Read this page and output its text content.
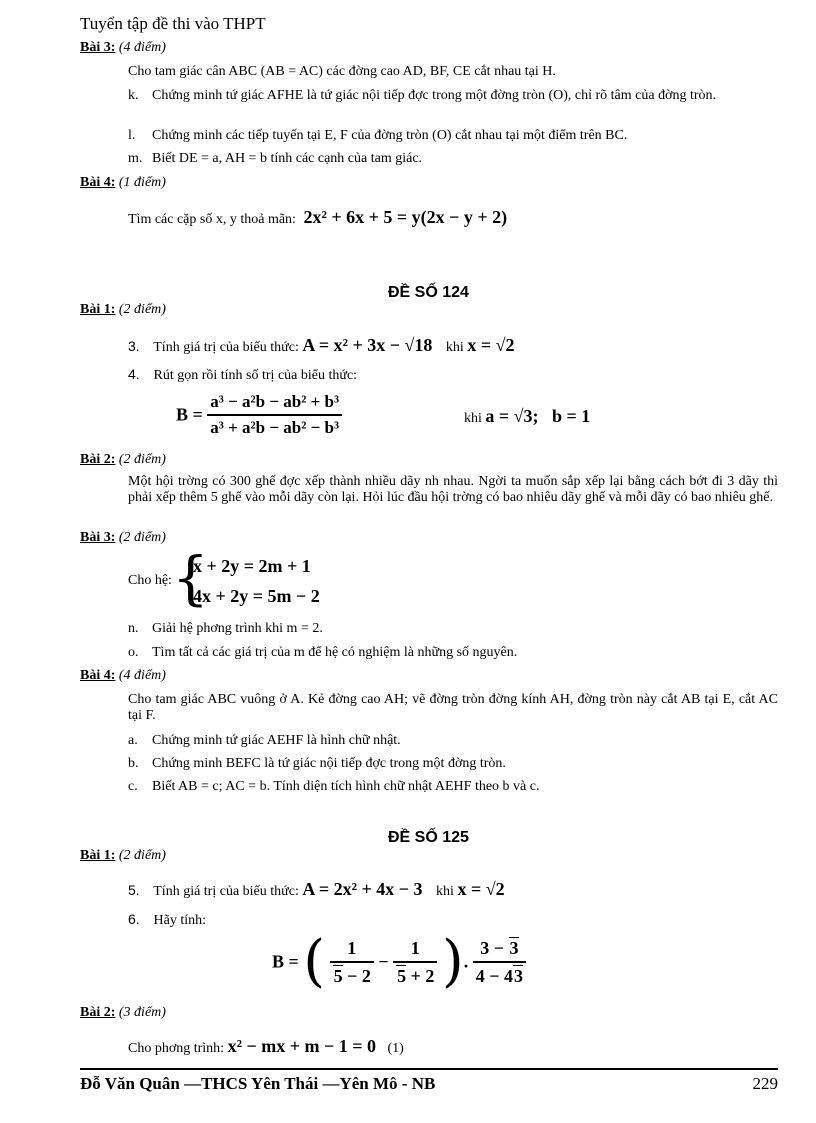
Tuyển tập đề thi vào THPT
Bài 3: (4 điểm)
Cho tam giác cân ABC (AB = AC) các đờng cao AD, BF, CE cắt nhau tại H.
k. Chứng minh tứ giác AFHE là tứ giác nội tiếp đợc trong một đờng tròn (O), chỉ rõ tâm của đờng tròn.
l. Chứng minh các tiếp tuyến tại E, F của đờng tròn (O) cắt nhau tại một điểm trên BC.
m. Biết DE = a, AH = b tính các cạnh của tam giác.
Bài 4: (1 điểm)
Tìm các cặp số x, y thoả mãn: 2x² + 6x + 5 = y(2x − y + 2)
ĐỀ SỐ 124
Bài 1: (2 điểm)
3. Tính giá trị của biểu thức: A = x² + 3x − √18 khi x = √2
4. Rút gọn rồi tính số trị của biểu thức:
$B = \frac{\text{a³ − a²b − ab² + b³}}{\text{a³ + a²b − ab² − b³}}$	khi a = √3;   b = 1
Bài 2: (2 điểm)
Một hội trờng có 300 ghế đợc xếp thành nhiều dãy nh nhau. Ngời ta muốn sắp xếp lại bằng cách bớt đi 3 dãy thì phải xếp thêm 5 ghế vào mỗi dãy còn lại. Hỏi lúc đầu hội trờng có bao nhiêu dãy ghế và mỗi dãy có bao nhiêu ghế.
Bài 3: (2 điểm)
Cho hệ: {
x + 2y = 2m + 1
4x + 2y = 5m − 2
n. Giải hệ phơng trình khi m = 2.
o. Tìm tất cả các giá trị của m để hệ có nghiệm là những số nguyên.
Bài 4: (4 điểm)
Cho tam giác ABC vuông ở A. Kẻ đờng cao AH; vẽ đờng tròn đờng kính AH, đờng tròn này cắt AB tại E, cắt AC tại F.
a. Chứng minh tứ giác AEHF là hình chữ nhật.
b. Chứng minh BEFC là tứ giác nội tiếp đợc trong một đờng tròn.
c. Biết AB = c; AC = b. Tính diện tích hình chữ nhật AEHF theo b và c.
ĐỀ SỐ 125
Bài 1: (2 điểm)
5. Tính giá trị của biểu thức: A = 2x² + 4x − 3 khi x = √2
6. Hãy tính:
B = ( $\frac{1}{5 - 2} - \frac{1}{5 + 2}$ ). $\frac{3 - 3}{4 - 43}$
Bài 2: (3 điểm)
Cho phơng trình: x² − mx + m − 1 = 0 (1)
Đỗ Văn Quân —THCS Yên Thái —Yên Mô - NB	229
